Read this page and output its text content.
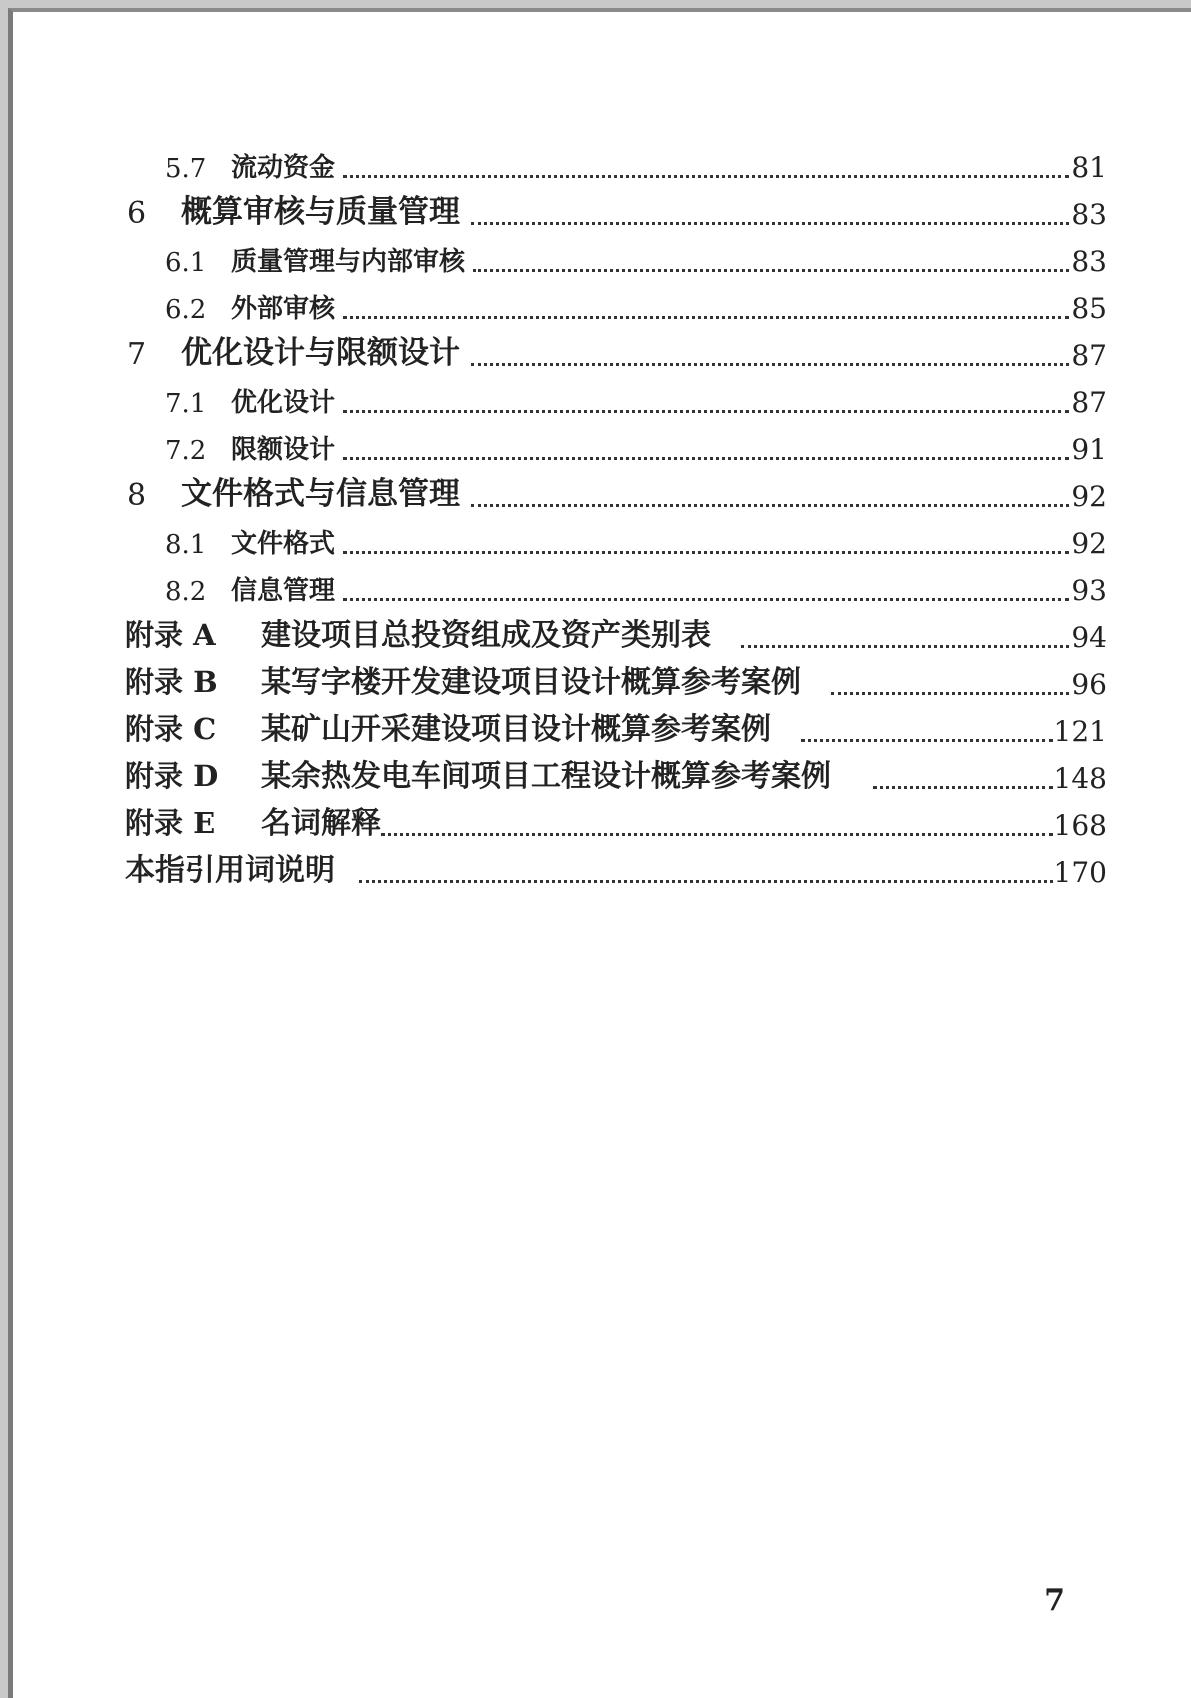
5.7 流动资金	81
6 概算审核与质量管理	83
6.1 质量管理与内部审核	83
6.2 外部审核	85
7 优化设计与限额设计	87
7.1 优化设计	87
7.2 限额设计	91
8 文件格式与信息管理	92
8.1 文件格式	92
8.2 信息管理	93
附录 A 建设项目总投资组成及资产类别表	94
附录 B 某写字楼开发建设项目设计概算参考案例	96
附录 C 某矿山开采建设项目设计概算参考案例	121
附录 D 某余热发电车间项目工程设计概算参考案例	148
附录 E 名词解释	168
本指引用词说明	170
7
